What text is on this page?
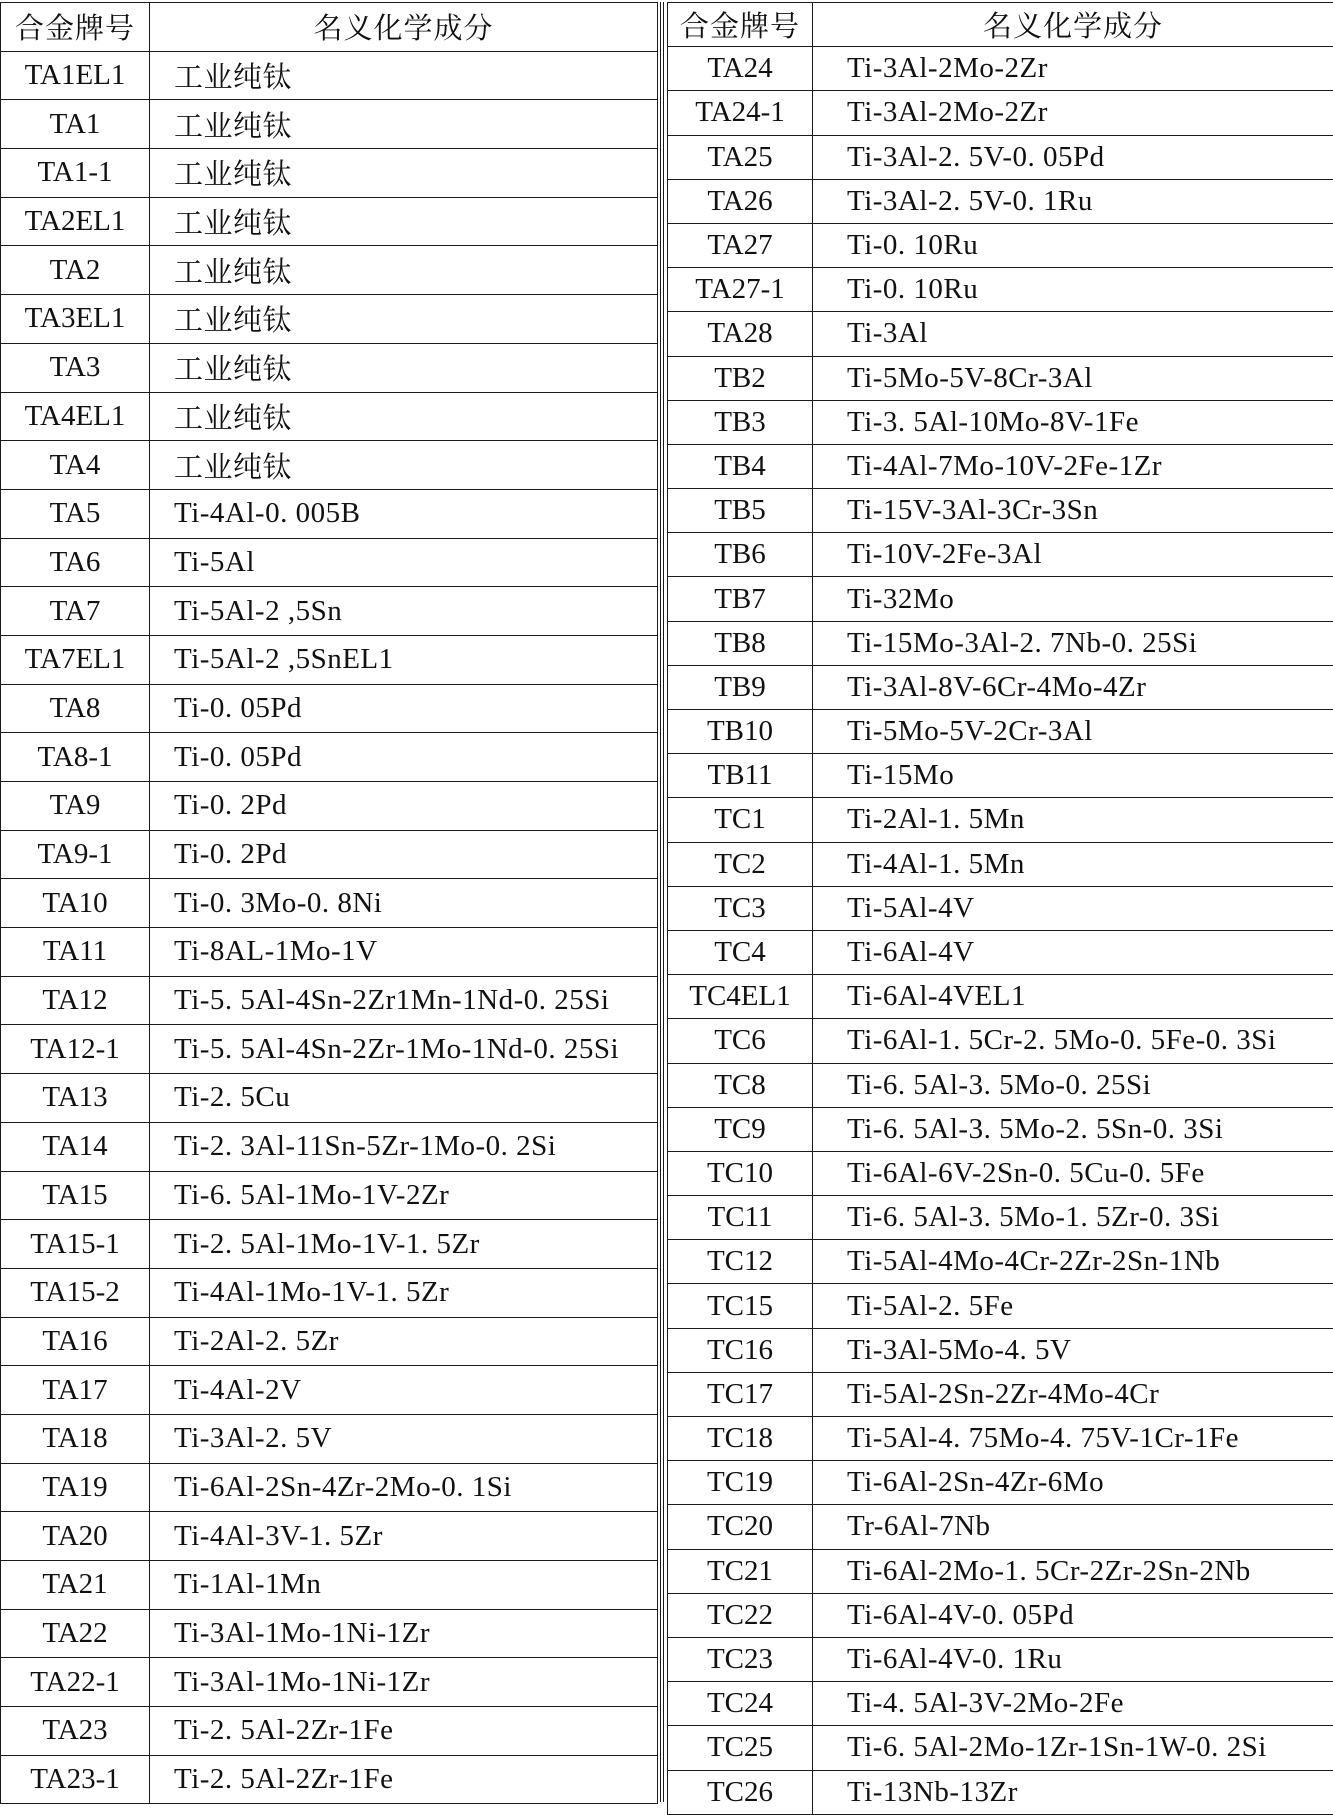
合金牌号	名义化学成分
TA1EL1	工业纯钛
TA1	工业纯钛
TA1-1	工业纯钛
TA2EL1	工业纯钛
TA2	工业纯钛
TA3EL1	工业纯钛
TA3	工业纯钛
TA4EL1	工业纯钛
TA4	工业纯钛
TA5	Ti-4Al-0. 005B
TA6	Ti-5Al
TA7	Ti-5Al-2 ,5Sn
TA7EL1	Ti-5Al-2 ,5SnEL1
TA8	Ti-0. 05Pd
TA8-1	Ti-0. 05Pd
TA9	Ti-0. 2Pd
TA9-1	Ti-0. 2Pd
TA10	Ti-0. 3Mo-0. 8Ni
TA11	Ti-8AL-1Mo-1V
TA12	Ti-5. 5Al-4Sn-2Zr1Mn-1Nd-0. 25Si
TA12-1	Ti-5. 5Al-4Sn-2Zr-1Mo-1Nd-0. 25Si
TA13	Ti-2. 5Cu
TA14	Ti-2. 3Al-11Sn-5Zr-1Mo-0. 2Si
TA15	Ti-6. 5Al-1Mo-1V-2Zr
TA15-1	Ti-2. 5Al-1Mo-1V-1. 5Zr
TA15-2	Ti-4Al-1Mo-1V-1. 5Zr
TA16	Ti-2Al-2. 5Zr
TA17	Ti-4Al-2V
TA18	Ti-3Al-2. 5V
TA19	Ti-6Al-2Sn-4Zr-2Mo-0. 1Si
TA20	Ti-4Al-3V-1. 5Zr
TA21	Ti-1Al-1Mn
TA22	Ti-3Al-1Mo-1Ni-1Zr
TA22-1	Ti-3Al-1Mo-1Ni-1Zr
TA23	Ti-2. 5Al-2Zr-1Fe
TA23-1	Ti-2. 5Al-2Zr-1Fe
合金牌号	名义化学成分
TA24	Ti-3Al-2Mo-2Zr
TA24-1	Ti-3Al-2Mo-2Zr
TA25	Ti-3Al-2. 5V-0. 05Pd
TA26	Ti-3Al-2. 5V-0. 1Ru
TA27	Ti-0. 10Ru
TA27-1	Ti-0. 10Ru
TA28	Ti-3Al
TB2	Ti-5Mo-5V-8Cr-3Al
TB3	Ti-3. 5Al-10Mo-8V-1Fe
TB4	Ti-4Al-7Mo-10V-2Fe-1Zr
TB5	Ti-15V-3Al-3Cr-3Sn
TB6	Ti-10V-2Fe-3Al
TB7	Ti-32Mo
TB8	Ti-15Mo-3Al-2. 7Nb-0. 25Si
TB9	Ti-3Al-8V-6Cr-4Mo-4Zr
TB10	Ti-5Mo-5V-2Cr-3Al
TB11	Ti-15Mo
TC1	Ti-2Al-1. 5Mn
TC2	Ti-4Al-1. 5Mn
TC3	Ti-5Al-4V
TC4	Ti-6Al-4V
TC4EL1	Ti-6Al-4VEL1
TC6	Ti-6Al-1. 5Cr-2. 5Mo-0. 5Fe-0. 3Si
TC8	Ti-6. 5Al-3. 5Mo-0. 25Si
TC9	Ti-6. 5Al-3. 5Mo-2. 5Sn-0. 3Si
TC10	Ti-6Al-6V-2Sn-0. 5Cu-0. 5Fe
TC11	Ti-6. 5Al-3. 5Mo-1. 5Zr-0. 3Si
TC12	Ti-5Al-4Mo-4Cr-2Zr-2Sn-1Nb
TC15	Ti-5Al-2. 5Fe
TC16	Ti-3Al-5Mo-4. 5V
TC17	Ti-5Al-2Sn-2Zr-4Mo-4Cr
TC18	Ti-5Al-4. 75Mo-4. 75V-1Cr-1Fe
TC19	Ti-6Al-2Sn-4Zr-6Mo
TC20	Tr-6Al-7Nb
TC21	Ti-6Al-2Mo-1. 5Cr-2Zr-2Sn-2Nb
TC22	Ti-6Al-4V-0. 05Pd
TC23	Ti-6Al-4V-0. 1Ru
TC24	Ti-4. 5Al-3V-2Mo-2Fe
TC25	Ti-6. 5Al-2Mo-1Zr-1Sn-1W-0. 2Si
TC26	Ti-13Nb-13Zr
